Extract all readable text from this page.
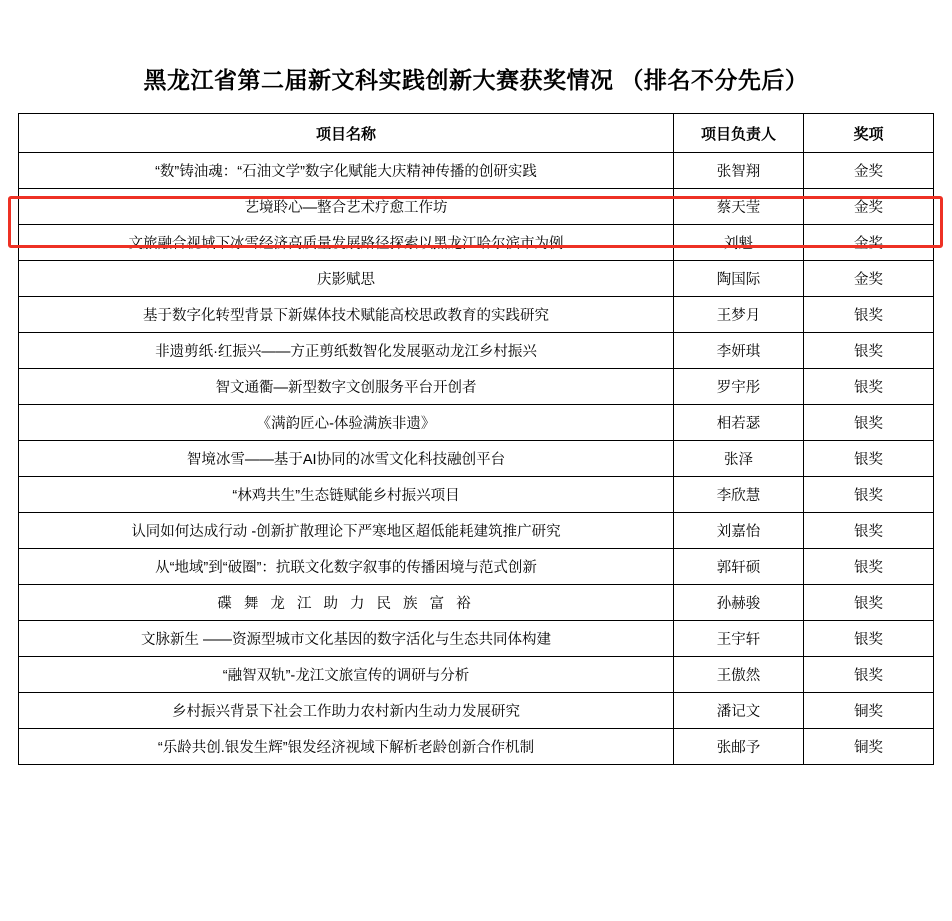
黑龙江省第二届新文科实践创新大赛获奖情况 （排名不分先后）
项目名称	项目负责人	奖项
“数”铸油魂：“石油文学”数字化赋能大庆精神传播的创研实践	张智翔	金奖
艺境聆心—整合艺术疗愈工作坊	蔡天莹	金奖
文旅融合视域下冰雪经济高质量发展路径探索以黑龙江哈尔滨市为例	刘魁	金奖
庆影赋思	陶国际	金奖
基于数字化转型背景下新媒体技术赋能高校思政教育的实践研究	王梦月	银奖
非遗剪纸·红振兴——方正剪纸数智化发展驱动龙江乡村振兴	李妍琪	银奖
智文通衢—新型数字文创服务平台开创者	罗宇彤	银奖
《满韵匠心-体验满族非遗》	相若瑟	银奖
智境冰雪——基于AI协同的冰雪文化科技融创平台	张泽	银奖
“林鸡共生”生态链赋能乡村振兴项目	李欣慧	银奖
认同如何达成行动 -创新扩散理论下严寒地区超低能耗建筑推广研究	刘嘉怡	银奖
从“地域”到“破圈”：抗联文化数字叙事的传播困境与范式创新	郭轩硕	银奖
碟 舞 龙 江 助 力 民 族 富 裕	孙赫骏	银奖
文脉新生 ——资源型城市文化基因的数字活化与生态共同体构建	王宇轩	银奖
“融智双轨”-龙江文旅宣传的调研与分析	王傲然	银奖
乡村振兴背景下社会工作助力农村新内生动力发展研究	潘记文	铜奖
“乐龄共创.银发生辉”银发经济视域下解析老龄创新合作机制	张邮予	铜奖
